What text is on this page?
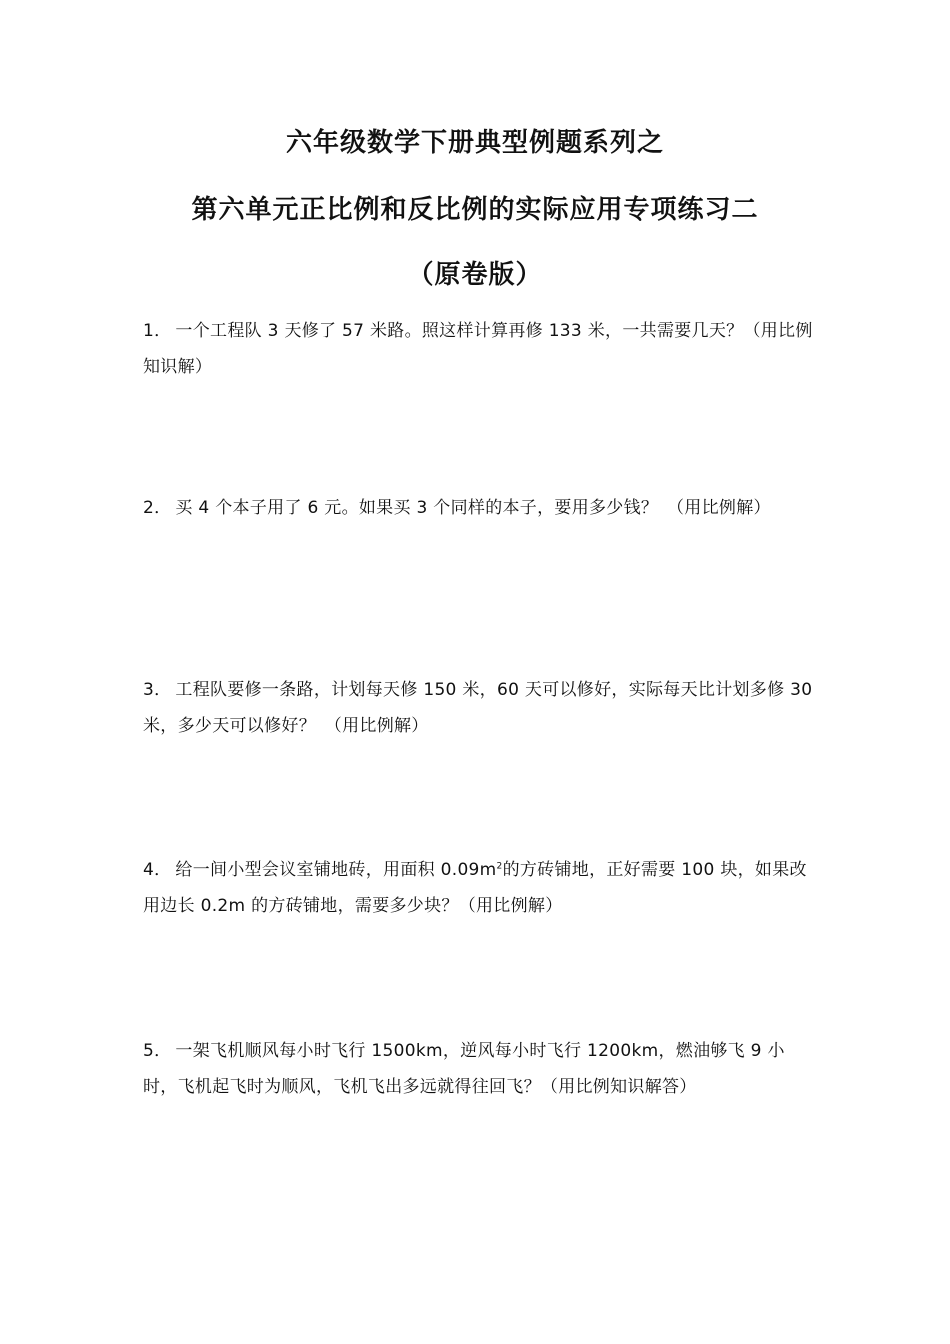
六年级数学下册典型例题系列之
第六单元正比例和反比例的实际应用专项练习二
（原卷版）

1． 一个工程队 3 天修了 57 米路。照这样计算再修 133 米，一共需要几天？（用比例知识解）

2． 买 4 个本子用了 6 元。如果买 3 个同样的本子，要用多少钱？　（用比例解）

3． 工程队要修一条路，计划每天修 150 米，60 天可以修好，实际每天比计划多修 30 米，多少天可以修好？　（用比例解）

4． 给一间小型会议室铺地砖，用面积 $0.09m^2$的方砖铺地，正好需要 100 块，如果改用边长 0.2m 的方砖铺地，需要多少块？（用比例解）

5． 一架飞机顺风每小时飞行 1500km，逆风每小时飞行 1200km，燃油够飞 9 小时，飞机起飞时为顺风，飞机飞出多远就得往回飞？（用比例知识解答）
